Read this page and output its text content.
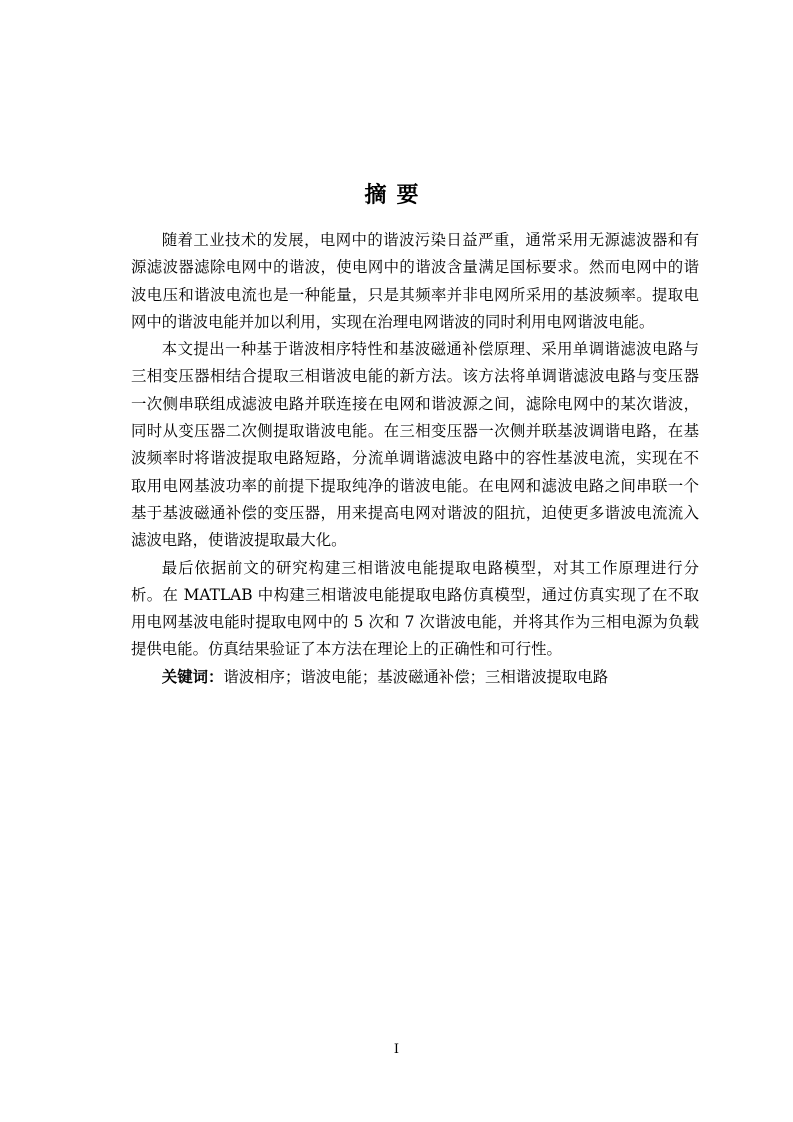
摘要

随着工业技术的发展，电网中的谐波污染日益严重，通常采用无源滤波器和有源滤波器滤除电网中的谐波，使电网中的谐波含量满足国标要求。然而电网中的谐波电压和谐波电流也是一种能量，只是其频率并非电网所采用的基波频率。提取电网中的谐波电能并加以利用，实现在治理电网谐波的同时利用电网谐波电能。

本文提出一种基于谐波相序特性和基波磁通补偿原理、采用单调谐滤波电路与三相变压器相结合提取三相谐波电能的新方法。该方法将单调谐滤波电路与变压器一次侧串联组成滤波电路并联连接在电网和谐波源之间，滤除电网中的某次谐波，同时从变压器二次侧提取谐波电能。在三相变压器一次侧并联基波调谐电路，在基波频率时将谐波提取电路短路，分流单调谐滤波电路中的容性基波电流，实现在不取用电网基波功率的前提下提取纯净的谐波电能。在电网和滤波电路之间串联一个基于基波磁通补偿的变压器，用来提高电网对谐波的阻抗，迫使更多谐波电流流入滤波电路，使谐波提取最大化。

最后依据前文的研究构建三相谐波电能提取电路模型，对其工作原理进行分析。在 MATLAB 中构建三相谐波电能提取电路仿真模型，通过仿真实现了在不取用电网基波电能时提取电网中的 5 次和 7 次谐波电能，并将其作为三相电源为负载提供电能。仿真结果验证了本方法在理论上的正确性和可行性。

关键词：谐波相序；谐波电能；基波磁通补偿；三相谐波提取电路

I
